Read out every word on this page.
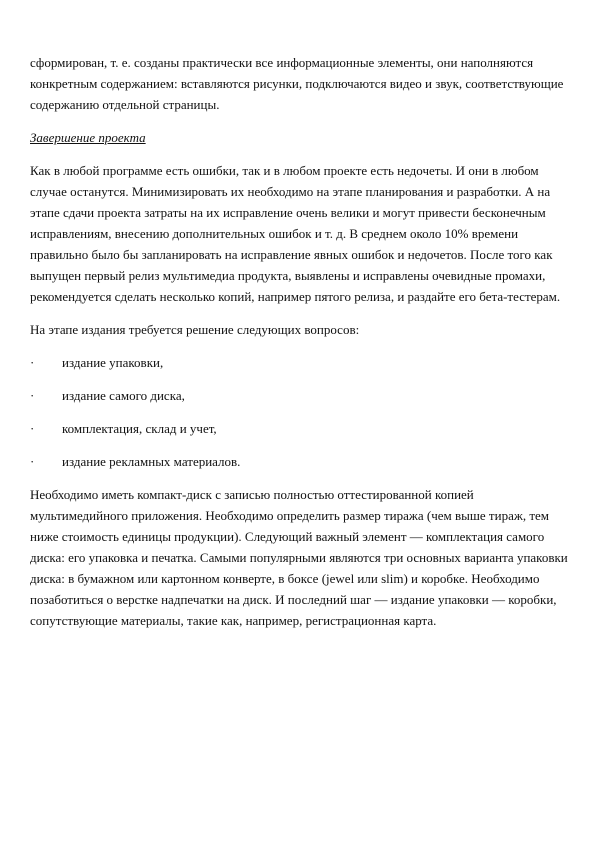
сформирован, т. е. созданы практически все информационные элементы, они наполняются конкретным содержанием: вставляются рисунки, подключаются видео и звук, соответствующие содержанию отдельной страницы.

Завершение проекта

Как в любой программе есть ошибки, так и в любом проекте есть недочеты. И они в любом случае останутся. Минимизировать их необходимо на этапе планирования и разработки. А на этапе сдачи проекта затраты на их исправление очень велики и могут привести бесконечным исправлениям, внесению дополнительных ошибок и т. д. В среднем около 10% времени правильно было бы запланировать на исправление явных ошибок и недочетов. После того как выпущен первый релиз мультимедиа продукта, выявлены и исправлены очевидные промахи, рекомендуется сделать несколько копий, например пятого релиза, и раздайте его бета-тестерам.

На этапе издания требуется решение следующих вопросов:

·	издание упаковки,
·	издание самого диска,
·	комплектация, склад и учет,
·	издание рекламных материалов.

Необходимо иметь компакт-диск с записью полностью оттестированной копией мультимедийного приложения. Необходимо определить размер тиража (чем выше тираж, тем ниже стоимость единицы продукции). Следующий важный элемент — комплектация самого диска: его упаковка и печатка. Самыми популярными являются три основных варианта упаковки диска: в бумажном или картонном конверте, в боксе (jewel или slim) и коробке. Необходимо позаботиться о верстке надпечатки на диск. И последний шаг — издание упаковки — коробки, сопутствующие материалы, такие как, например, регистрационная карта.
